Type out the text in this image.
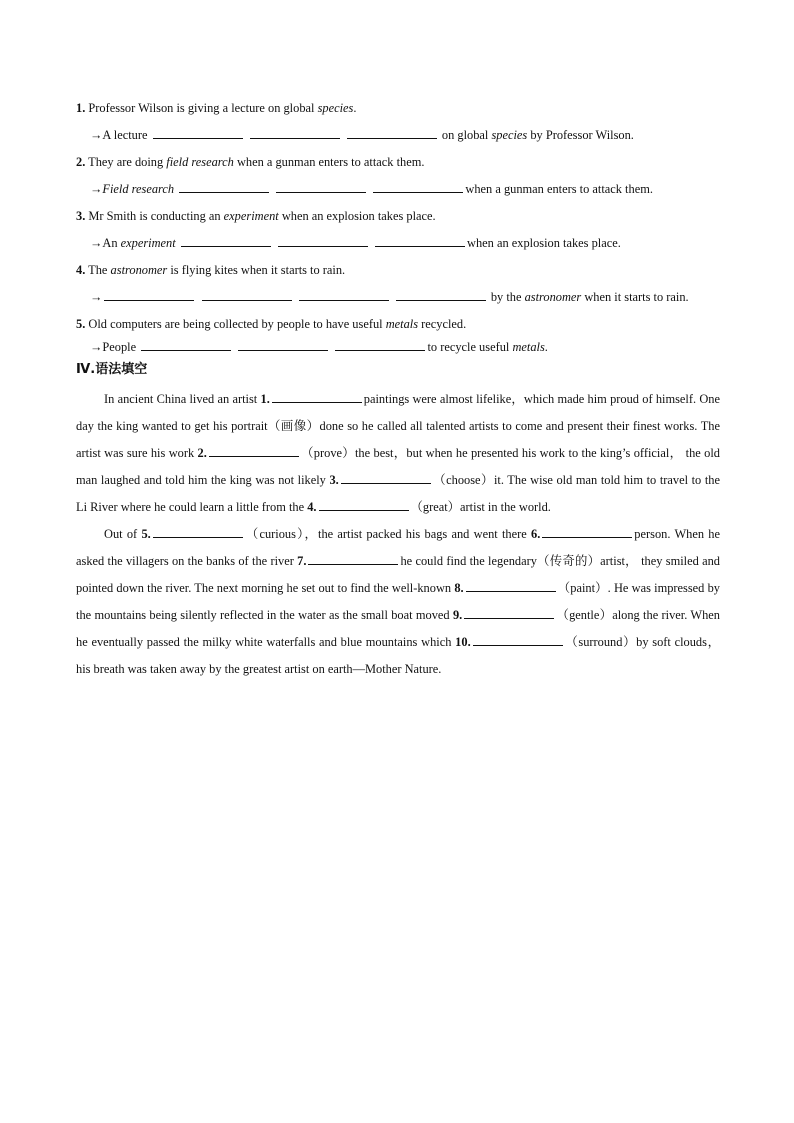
1. Professor Wilson is giving a lecture on global species.
→A lecture	on global species by Professor Wilson.
2. They are doing field research when a gunman enters to attack them.
→Field research	when a gunman enters to attack them.
3. Mr Smith is conducting an experiment when an explosion takes place.
→An experiment	when an explosion takes place.
4. The astronomer is flying kites when it starts to rain.
→	by the astronomer when it starts to rain.
5. Old computers are being collected by people to have useful metals recycled.
→People	to recycle useful metals.
Ⅳ.语法填空

In ancient China lived an artist 1.	paintings were almost lifelike，which made him proud of himself. One day the king wanted to get his portrait（画像）done so he called all talented artists to come and present their finest works. The artist was sure his work 2.	（prove）the best，but when he presented his work to the king’s official， the old man laughed and told him the king was not likely 3.	（choose）it. The wise old man told him to travel to the Li River where he could learn a little from the 4.	（great）artist in the world.

Out of 5.	（curious），the artist packed his bags and went there 6.	person. When he asked the villagers on the banks of the river 7.	he could find the legendary（传奇的）artist， they smiled and pointed down the river. The next morning he set out to find the well-known 8.	（paint）. He was impressed by the mountains being silently reflected in the water as the small boat moved 9.	（gentle）along the river. When he eventually passed the milky white waterfalls and blue mountains which 10.	（surround）by soft clouds，his breath was taken away by the greatest artist on earth—Mother Nature.
